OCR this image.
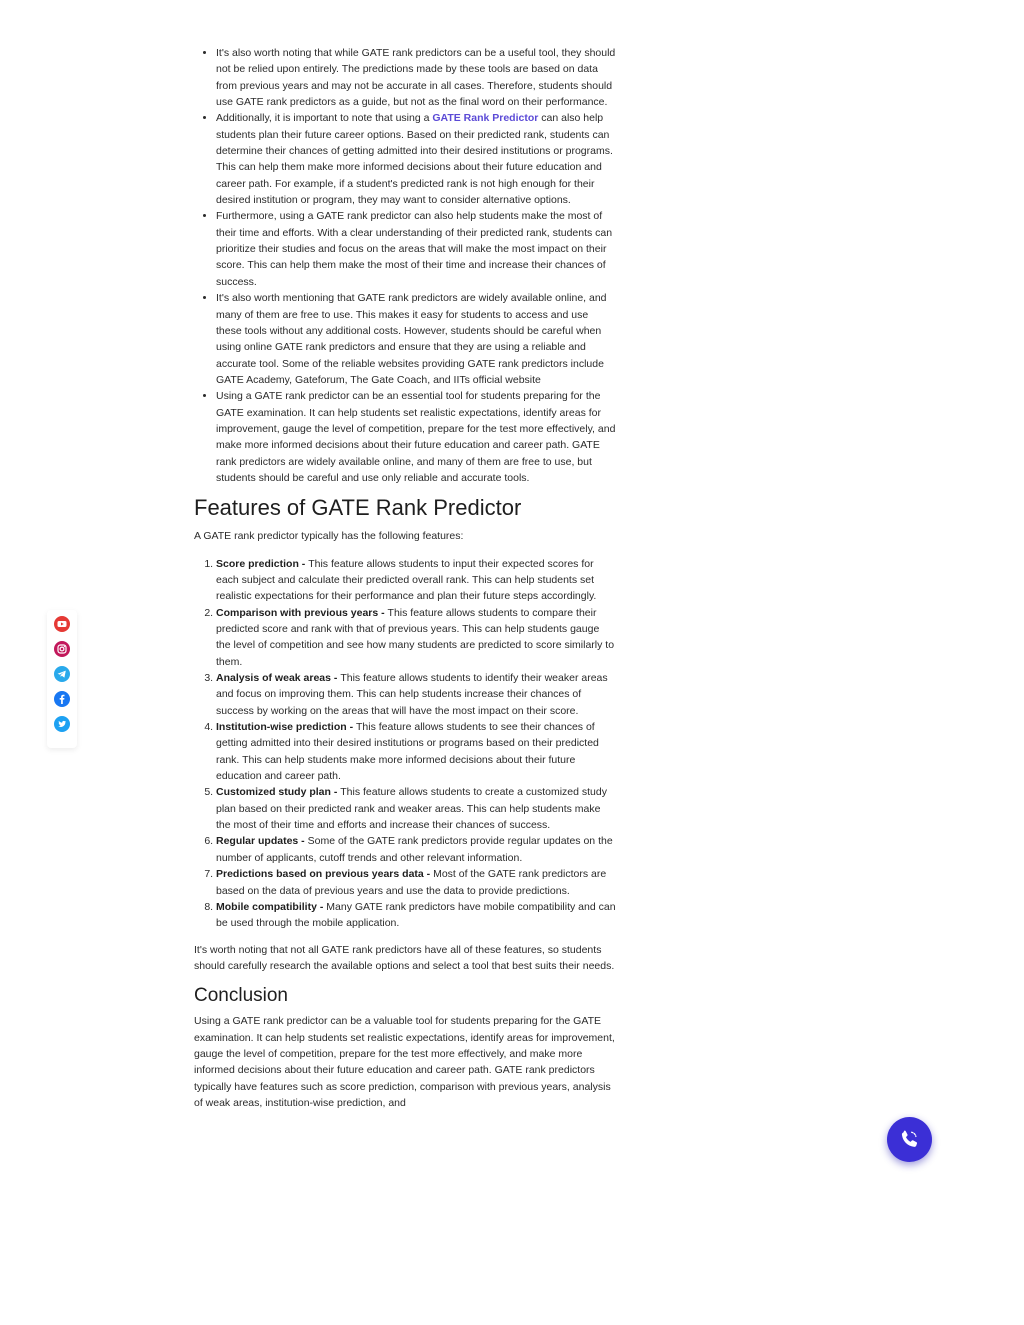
• It's also worth noting that while GATE rank predictors can be a useful tool, they should not be relied upon entirely. The predictions made by these tools are based on data from previous years and may not be accurate in all cases. Therefore, students should use GATE rank predictors as a guide, but not as the final word on their performance.
• Additionally, it is important to note that using a GATE Rank Predictor can also help students plan their future career options. Based on their predicted rank, students can determine their chances of getting admitted into their desired institutions or programs. This can help them make more informed decisions about their future education and career path. For example, if a student's predicted rank is not high enough for their desired institution or program, they may want to consider alternative options.
• Furthermore, using a GATE rank predictor can also help students make the most of their time and efforts. With a clear understanding of their predicted rank, students can prioritize their studies and focus on the areas that will make the most impact on their score. This can help them make the most of their time and increase their chances of success.
• It's also worth mentioning that GATE rank predictors are widely available online, and many of them are free to use. This makes it easy for students to access and use these tools without any additional costs. However, students should be careful when using online GATE rank predictors and ensure that they are using a reliable and accurate tool. Some of the reliable websites providing GATE rank predictors include GATE Academy, Gateforum, The Gate Coach, and IITs official website
• Using a GATE rank predictor can be an essential tool for students preparing for the GATE examination. It can help students set realistic expectations, identify areas for improvement, gauge the level of competition, prepare for the test more effectively, and make more informed decisions about their future education and career path. GATE rank predictors are widely available online, and many of them are free to use, but students should be careful and use only reliable and accurate tools.
Features of GATE Rank Predictor

A GATE rank predictor typically has the following features:

1. Score prediction - This feature allows students to input their expected scores for each subject and calculate their predicted overall rank. This can help students set realistic expectations for their performance and plan their future steps accordingly.
2. Comparison with previous years - This feature allows students to compare their predicted score and rank with that of previous years. This can help students gauge the level of competition and see how many students are predicted to score similarly to them.
3. Analysis of weak areas - This feature allows students to identify their weaker areas and focus on improving them. This can help students increase their chances of success by working on the areas that will have the most impact on their score.
4. Institution-wise prediction - This feature allows students to see their chances of getting admitted into their desired institutions or programs based on their predicted rank. This can help students make more informed decisions about their future education and career path.
5. Customized study plan - This feature allows students to create a customized study plan based on their predicted rank and weaker areas. This can help students make the most of their time and efforts and increase their chances of success.
6. Regular updates - Some of the GATE rank predictors provide regular updates on the number of applicants, cutoff trends and other relevant information.
7. Predictions based on previous years data - Most of the GATE rank predictors are based on the data of previous years and use the data to provide predictions.
8. Mobile compatibility - Many GATE rank predictors have mobile compatibility and can be used through the mobile application.

It's worth noting that not all GATE rank predictors have all of these features, so students should carefully research the available options and select a tool that best suits their needs.

Conclusion

Using a GATE rank predictor can be a valuable tool for students preparing for the GATE examination. It can help students set realistic expectations, identify areas for improvement, gauge the level of competition, prepare for the test more effectively, and make more informed decisions about their future education and career path. GATE rank predictors typically have features such as score prediction, comparison with previous years, analysis of weak areas, institution-wise prediction, and
